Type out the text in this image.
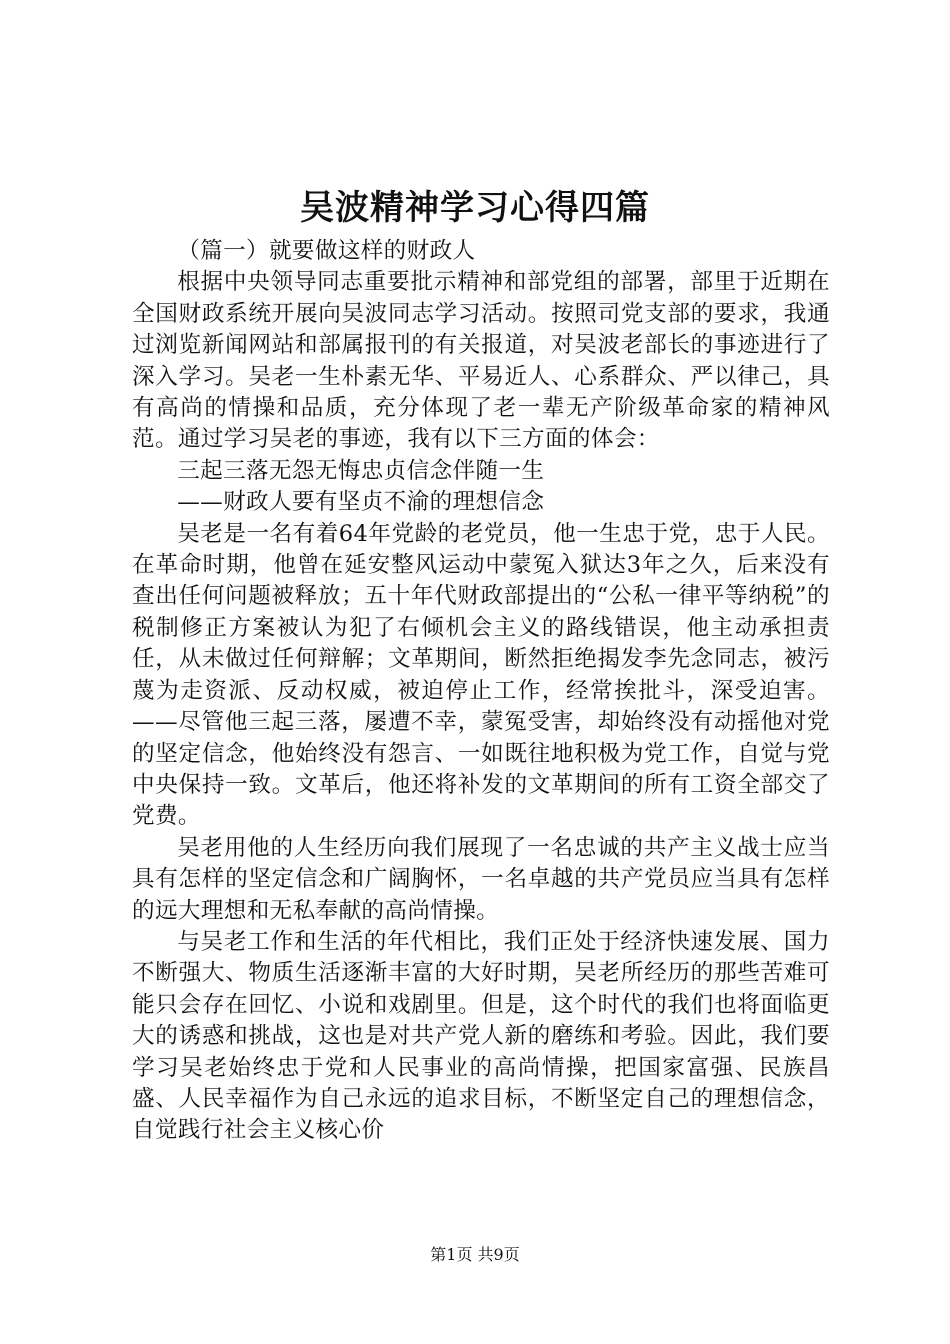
吴波精神学习心得四篇

（篇一）就要做这样的财政人

根据中央领导同志重要批示精神和部党组的部署，部里于近期在全国财政系统开展向吴波同志学习活动。按照司党支部的要求，我通过浏览新闻网站和部属报刊的有关报道，对吴波老部长的事迹进行了深入学习。吴老一生朴素无华、平易近人、心系群众、严以律己，具有高尚的情操和品质，充分体现了老一辈无产阶级革命家的精神风范。通过学习吴老的事迹，我有以下三方面的体会：

三起三落无怨无悔忠贞信念伴随一生

——财政人要有坚贞不渝的理想信念

吴老是一名有着64年党龄的老党员，他一生忠于党，忠于人民。在革命时期，他曾在延安整风运动中蒙冤入狱达3年之久，后来没有查出任何问题被释放；五十年代财政部提出的“公私一律平等纳税”的税制修正方案被认为犯了右倾机会主义的路线错误，他主动承担责任，从未做过任何辩解；文革期间，断然拒绝揭发李先念同志，被污蔑为走资派、反动权威，被迫停止工作，经常挨批斗，深受迫害。——尽管他三起三落，屡遭不幸，蒙冤受害，却始终没有动摇他对党的坚定信念，他始终没有怨言、一如既往地积极为党工作，自觉与党中央保持一致。文革后，他还将补发的文革期间的所有工资全部交了党费。

吴老用他的人生经历向我们展现了一名忠诚的共产主义战士应当具有怎样的坚定信念和广阔胸怀，一名卓越的共产党员应当具有怎样的远大理想和无私奉献的高尚情操。

与吴老工作和生活的年代相比，我们正处于经济快速发展、国力不断强大、物质生活逐渐丰富的大好时期，吴老所经历的那些苦难可能只会存在回忆、小说和戏剧里。但是，这个时代的我们也将面临更大的诱惑和挑战，这也是对共产党人新的磨练和考验。因此，我们要学习吴老始终忠于党和人民事业的高尚情操，把国家富强、民族昌盛、人民幸福作为自己永远的追求目标，不断坚定自己的理想信念，自觉践行社会主义核心价

第1页 共9页
